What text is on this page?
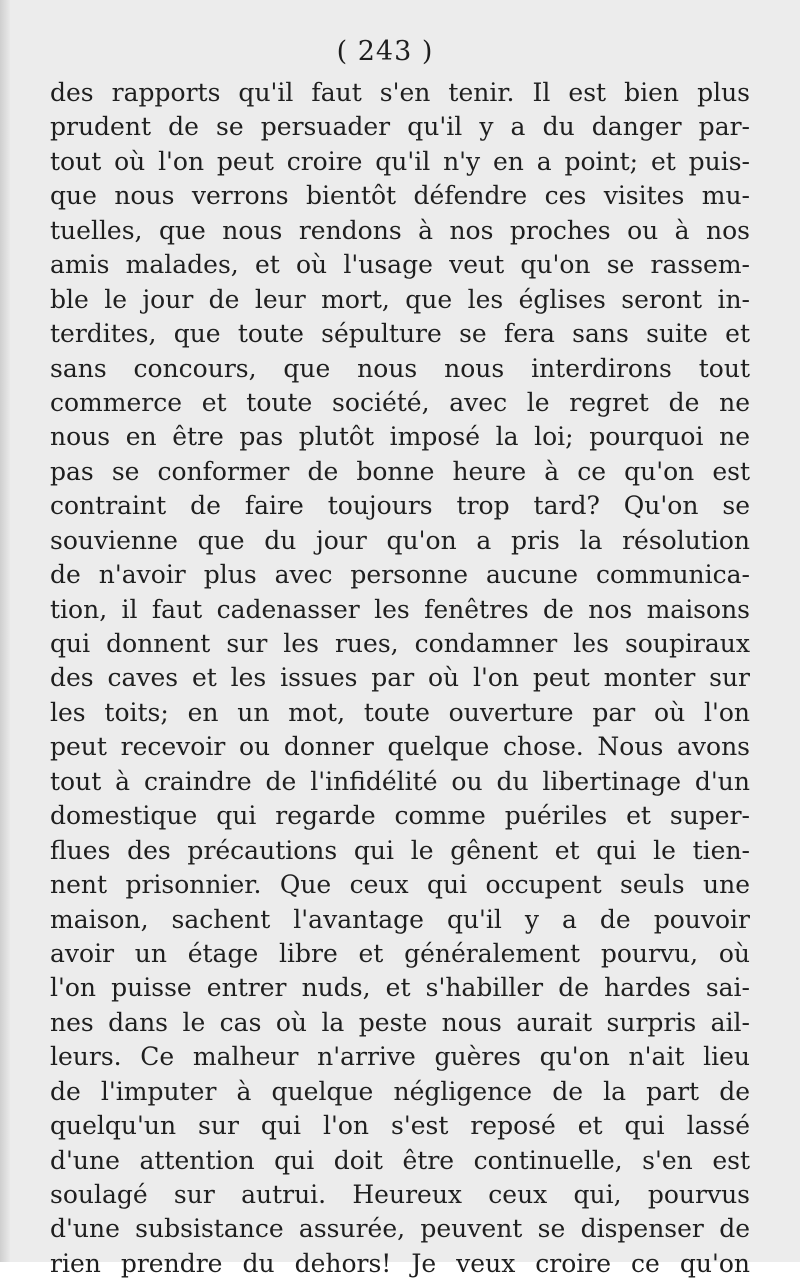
( 243 )
des rapports qu'il faut s'en tenir. Il est bien plus
prudent de se persuader qu'il y a du danger par-
tout où l'on peut croire qu'il n'y en a point; et puis-
que nous verrons bientôt défendre ces visites mu-
tuelles, que nous rendons à nos proches ou à nos
amis malades, et où l'usage veut qu'on se rassem-
ble le jour de leur mort, que les églises seront in-
terdites, que toute sépulture se fera sans suite et
sans concours, que nous nous interdirons tout
commerce et toute société, avec le regret de ne
nous en être pas plutôt imposé la loi; pourquoi ne
pas se conformer de bonne heure à ce qu'on est
contraint de faire toujours trop tard? Qu'on se
souvienne que du jour qu'on a pris la résolution
de n'avoir plus avec personne aucune communica-
tion, il faut cadenasser les fenêtres de nos maisons
qui donnent sur les rues, condamner les soupiraux
des caves et les issues par où l'on peut monter sur
les toits; en un mot, toute ouverture par où l'on
peut recevoir ou donner quelque chose. Nous avons
tout à craindre de l'infidélité ou du libertinage d'un
domestique qui regarde comme puériles et super-
flues des précautions qui le gênent et qui le tien-
nent prisonnier. Que ceux qui occupent seuls une
maison, sachent l'avantage qu'il y a de pouvoir
avoir un étage libre et généralement pourvu, où
l'on puisse entrer nuds, et s'habiller de hardes sai-
nes dans le cas où la peste nous aurait surpris ail-
leurs. Ce malheur n'arrive guères qu'on n'ait lieu
de l'imputer à quelque négligence de la part de
quelqu'un sur qui l'on s'est reposé et qui lassé
d'une attention qui doit être continuelle, s'en est
soulagé sur autrui. Heureux ceux qui, pourvus
d'une subsistance assurée, peuvent se dispenser de
rien prendre du dehors! Je veux croire ce qu'on
